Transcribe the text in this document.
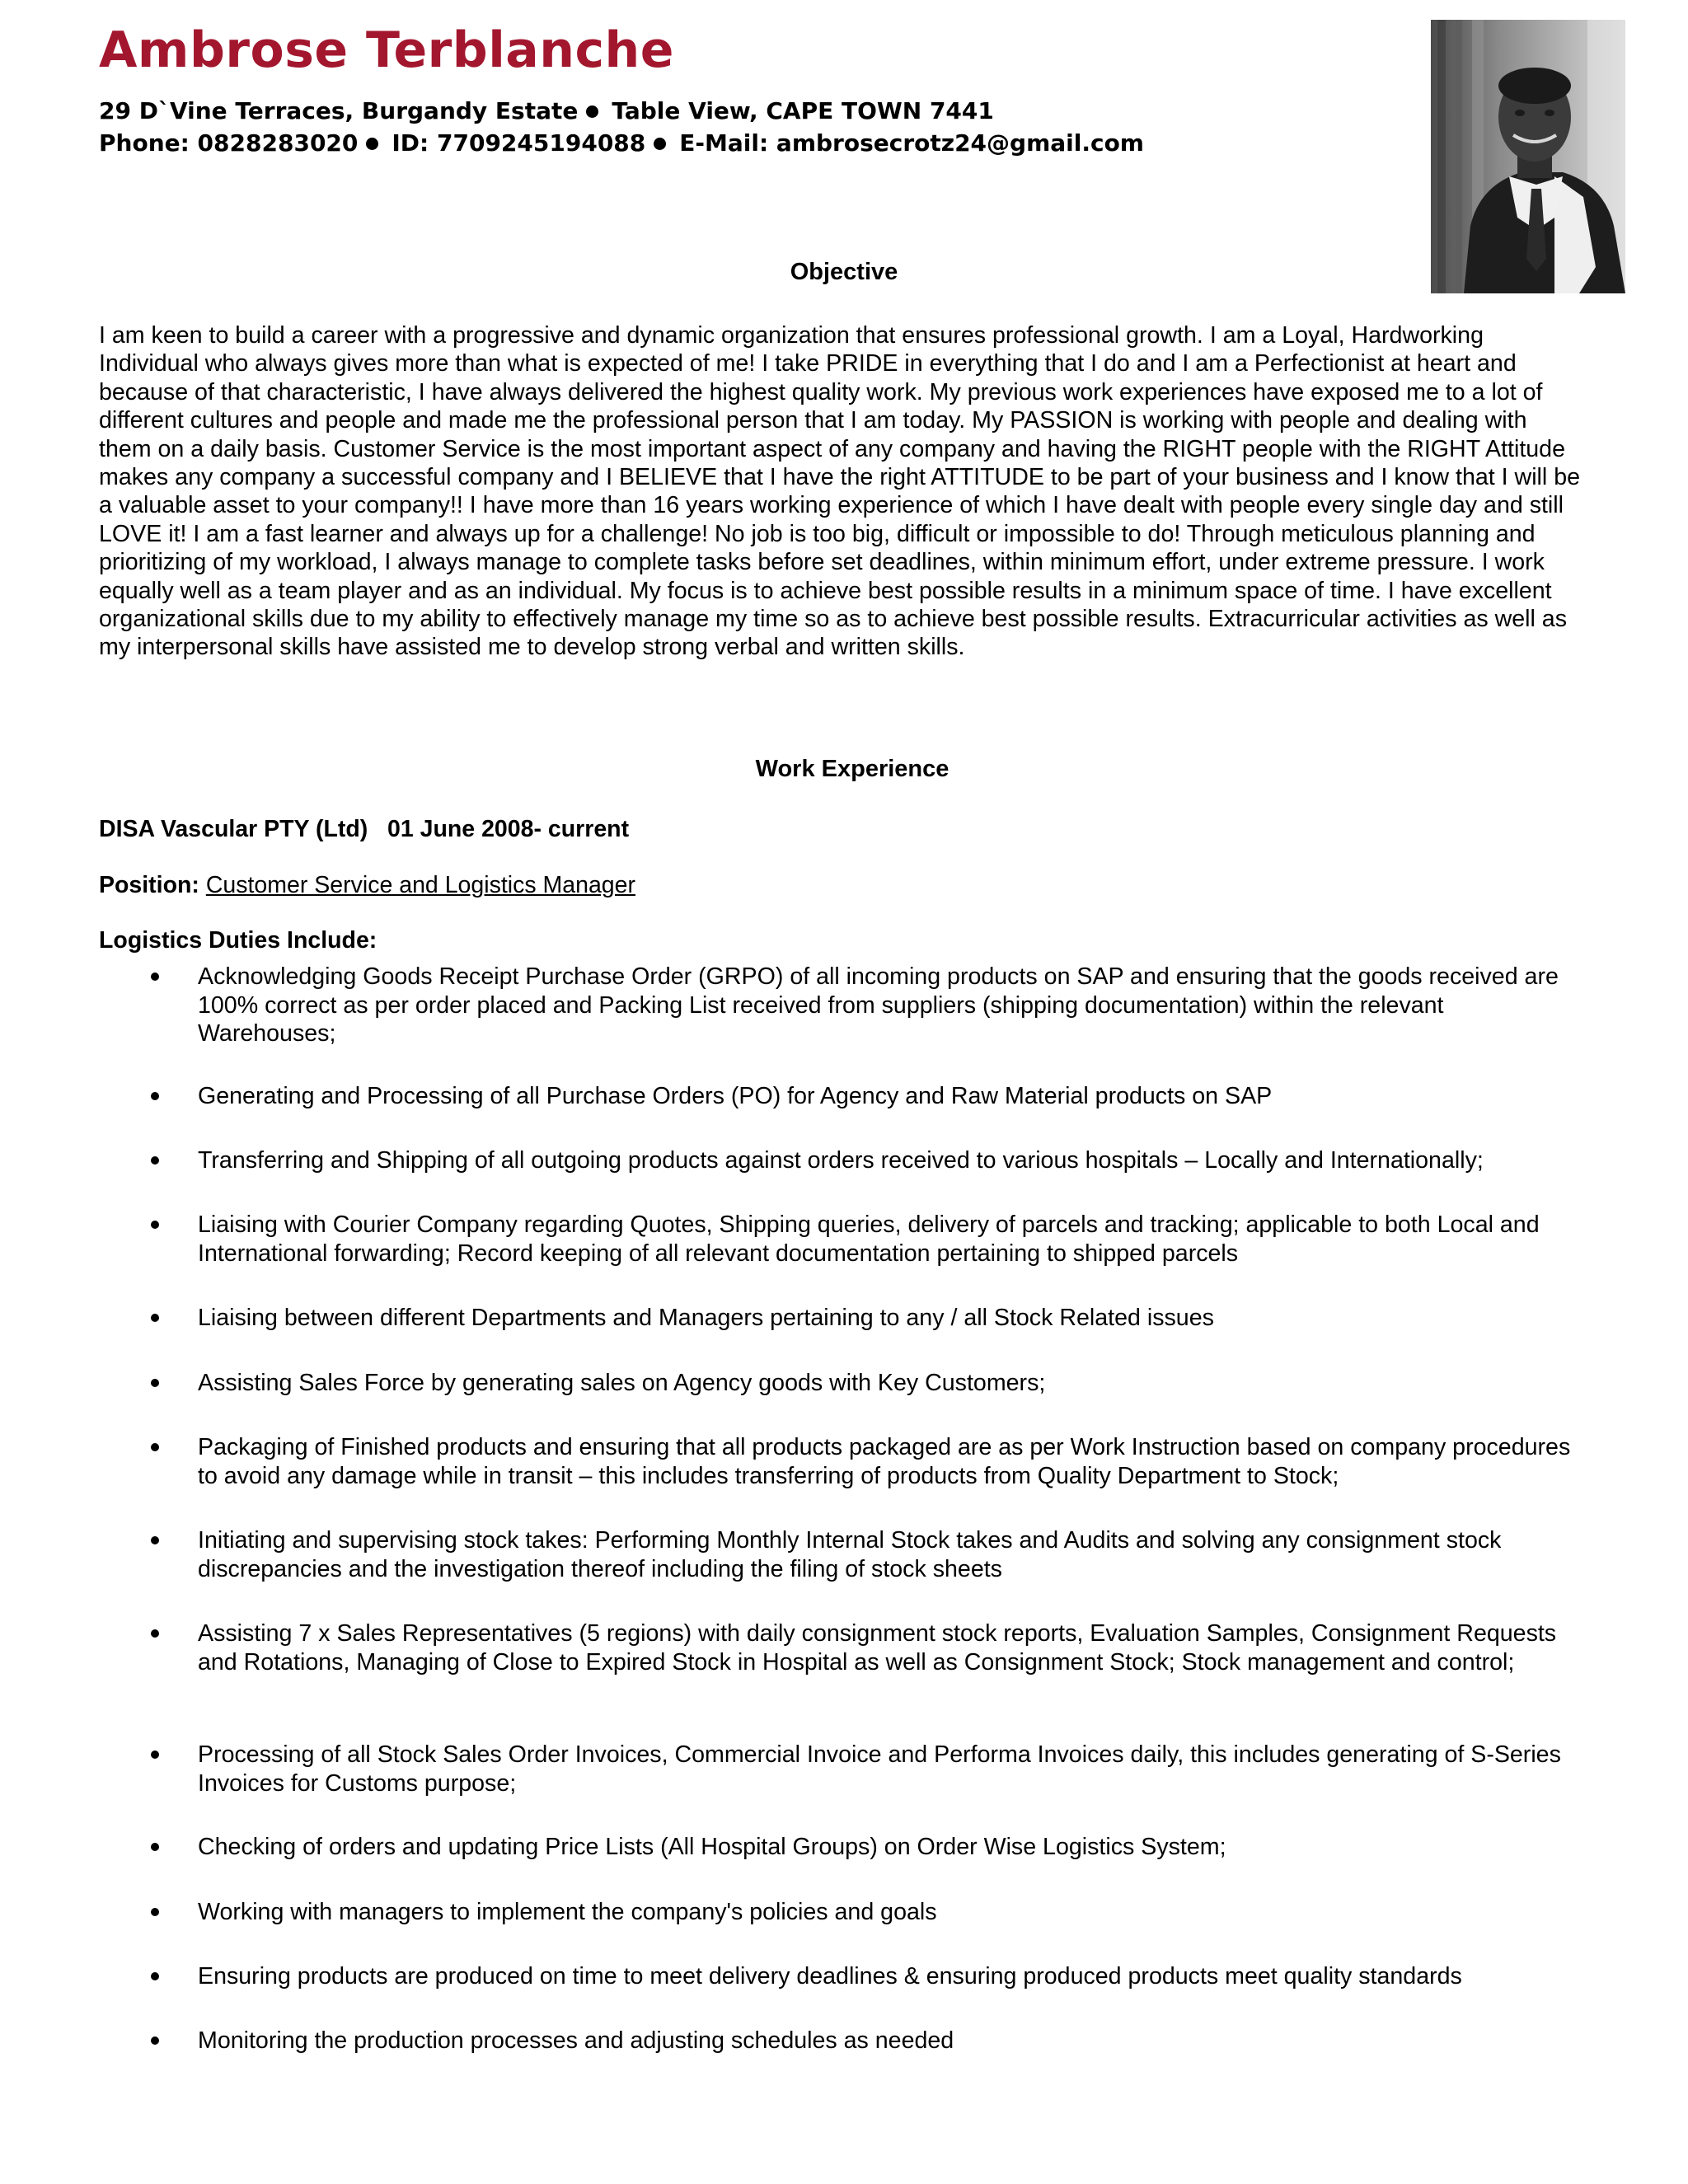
Ambrose Terblanche
29 D`Vine Terraces, Burgandy Estate Table View, CAPE TOWN 7441
Phone: 0828283020 ID: 7709245194088 E-Mail: ambrosecrotz24@gmail.com
Objective

I am keen to build a career with a progressive and dynamic organization that ensures professional growth. I am a Loyal, Hardworking Individual who always gives more than what is expected of me! I take PRIDE in everything that I do and I am a Perfectionist at heart and because of that characteristic, I have always delivered the highest quality work. My previous work experiences have exposed me to a lot of different cultures and people and made me the professional person that I am today. My PASSION is working with people and dealing with them on a daily basis. Customer Service is the most important aspect of any company and having the RIGHT people with the RIGHT Attitude makes any company a successful company and I BELIEVE that I have the right ATTITUDE to be part of your business and I know that I will be a valuable asset to your company!! I have more than 16 years working experience of which I have dealt with people every single day and still LOVE it! I am a fast learner and always up for a challenge! No job is too big, difficult or impossible to do! Through meticulous planning and prioritizing of my workload, I always manage to complete tasks before set deadlines, within minimum effort, under extreme pressure. I work equally well as a team player and as an individual. My focus is to achieve best possible results in a minimum space of time. I have excellent organizational skills due to my ability to effectively manage my time so as to achieve best possible results. Extracurricular activities as well as my interpersonal skills have assisted me to develop strong verbal and written skills.

Work Experience
DISA Vascular PTY (Ltd) 01 June 2008- current
Position: Customer Service and Logistics Manager
Logistics Duties Include:
Acknowledging Goods Receipt Purchase Order (GRPO) of all incoming products on SAP and ensuring that the goods received are 100% correct as per order placed and Packing List received from suppliers (shipping documentation) within the relevant Warehouses;
Generating and Processing of all Purchase Orders (PO) for Agency and Raw Material products on SAP
Transferring and Shipping of all outgoing products against orders received to various hospitals – Locally and Internationally;
Liaising with Courier Company regarding Quotes, Shipping queries, delivery of parcels and tracking; applicable to both Local and International forwarding; Record keeping of all relevant documentation pertaining to shipped parcels
Liaising between different Departments and Managers pertaining to any / all Stock Related issues
Assisting Sales Force by generating sales on Agency goods with Key Customers;
Packaging of Finished products and ensuring that all products packaged are as per Work Instruction based on company procedures to avoid any damage while in transit – this includes transferring of products from Quality Department to Stock;
Initiating and supervising stock takes: Performing Monthly Internal Stock takes and Audits and solving any consignment stock discrepancies and the investigation thereof including the filing of stock sheets
Assisting 7 x Sales Representatives (5 regions) with daily consignment stock reports, Evaluation Samples, Consignment Requests and Rotations, Managing of Close to Expired Stock in Hospital as well as Consignment Stock; Stock management and control;
Processing of all Stock Sales Order Invoices, Commercial Invoice and Performa Invoices daily, this includes generating of S-Series Invoices for Customs purpose;
Checking of orders and updating Price Lists (All Hospital Groups) on Order Wise Logistics System;
Working with managers to implement the company's policies and goals
Ensuring products are produced on time to meet delivery deadlines & ensuring produced products meet quality standards
Monitoring the production processes and adjusting schedules as needed
